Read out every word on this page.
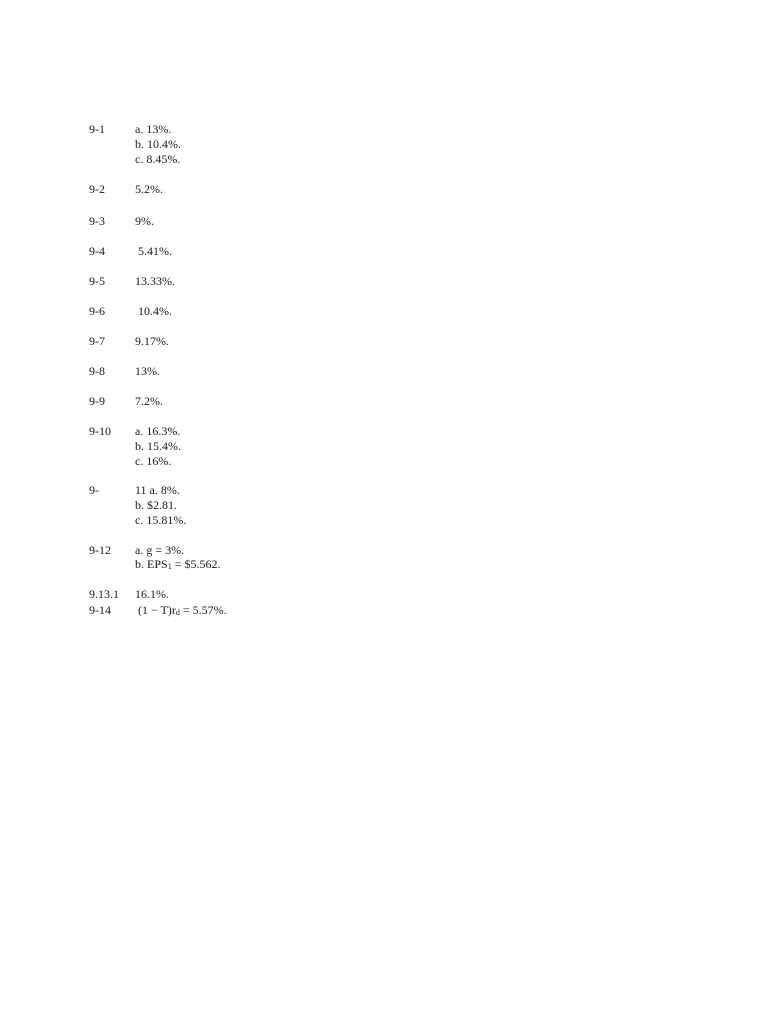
9-1	a. 13%.
b. 10.4%.
c. 8.45%.
9-2	5.2%.
9-3	9%.
9-4	5.41%.
9-5	13.33%.
9-6	10.4%.
9-7	9.17%.
9-8	13%.
9-9	7.2%.
9-10 a. 16.3%.
b. 15.4%.
c. 16%.
9-	11 a. 8%.
b. $2.81.
c. 15.81%.
9-12 a. g = 3%.
b. $EPS_1$ = $5.562.
9.13.1 16.1%.
9-14 $(1 - T)r_d = 5.57\%$.
